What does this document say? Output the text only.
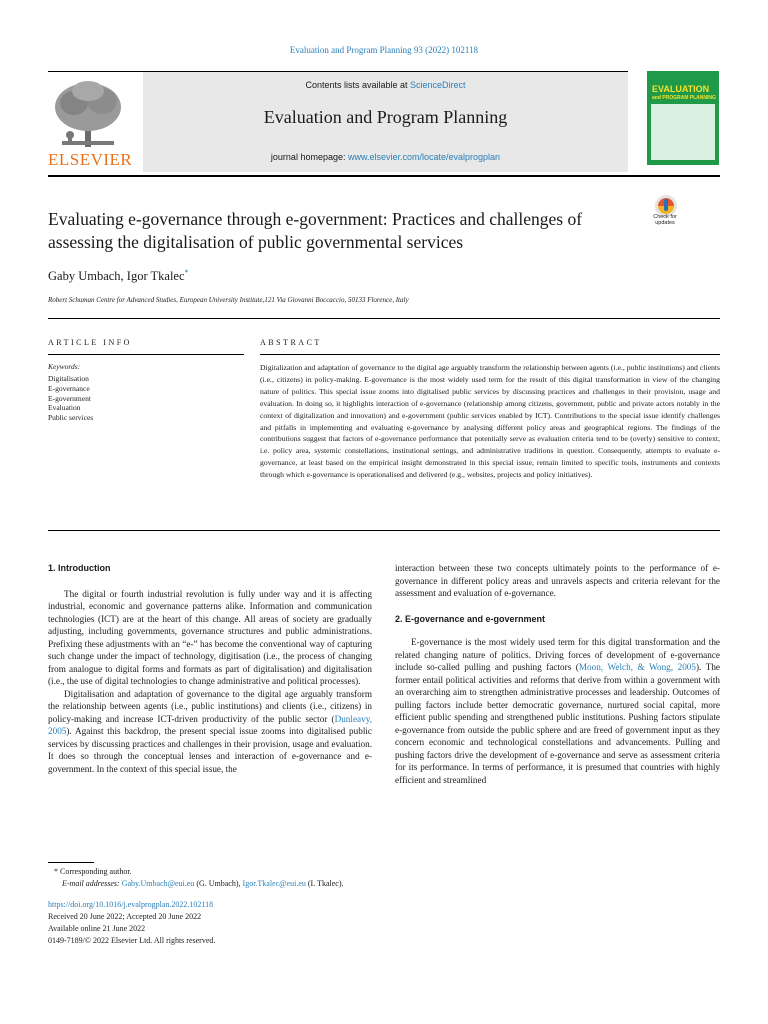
Evaluation and Program Planning 93 (2022) 102118
ELSEVIER
Contents lists available at ScienceDirect
Evaluation and Program Planning
journal homepage: www.elsevier.com/locate/evalprogplan
EVALUATION
and PROGRAM PLANNING
Evaluating e-governance through e-government: Practices and challenges of assessing the digitalisation of public governmental services
Check for updates
Gaby Umbach, Igor Tkalec*
Robert Schuman Centre for Advanced Studies, European University Institute,121 Via Giovanni Boccaccio, 50133 Florence, Italy
ARTICLE INFO
Keywords:
Digitalisation
E-governance
E-government
Evaluation
Public services
ABSTRACT
Digitalization and adaptation of governance to the digital age arguably transform the relationship between agents (i.e., public institutions) and clients (i.e., citizens) in policy-making. E-governance is the most widely used term for the result of this digital transformation in view of the changing nature of politics. This special issue zooms into digitalised public services by discussing practices and challenges in their provision, usage and evaluation. In doing so, it highlights interaction of e-governance (relationship among citizens, government, public and private actors notably in the context of digitalization and innovation) and e-government (public services enabled by ICT). Contributions to the special issue identify challenges and pitfalls in implementing and evaluating e-governance by analysing different policy areas and geographical regions. The findings of the contributions suggest that factors of e-governance performance that potentially serve as evaluation criteria tend to be (overly) sensitive to context, i.e. policy area, systemic constellations, institutional settings, and administrative traditions in question. Consequently, attempts to evaluate e-governance, at least based on the empirical insight demonstrated in this special issue, remain limited to specific tools, instruments and contexts through which e-governance is operationalised and delivered (e.g., websites, projects and policy initiatives).

1. Introduction

The digital or fourth industrial revolution is fully under way and it is affecting industrial, economic and governance patterns alike. Information and communication technologies (ICT) are at the heart of this change. All areas of society are gradually adjusting, including governments, governance structures and public administrations. Prefixing these adjustments with an “e-” has become the conventional way of capturing such change under the impact of technology, digitisation (i.e., the process of changing from analogue to digital forms and formats as part of digitalisation) and digitalisation (i.e., the use of digital technologies to change administrative and political processes).

Digitalisation and adaptation of governance to the digital age arguably transform the relationship between agents (i.e., public institutions) and clients (i.e., citizens) in policy-making and increase ICT-driven productivity of the public sector (Dunleavy, 2005). Against this backdrop, the present special issue zooms into digitalised public services by discussing practices and challenges in their provision, usage and evaluation. It does so through the conceptual lenses and interaction of e-governance and e-government. In the context of this special issue, the

interaction between these two concepts ultimately points to the performance of e-governance in different policy areas and unravels aspects and criteria relevant for the assessment and evaluation of e-governance.

2. E-governance and e-government

E-governance is the most widely used term for this digital transformation and the related changing nature of politics. Driving forces of development of e-governance include so-called pulling and pushing factors (Moon, Welch, & Wong, 2005). The former entail political activities and reforms that derive from within a government with an overarching aim to strengthen administrative processes and leadership. Outcomes of pulling factors include better democratic governance, nurtured social capital, more efficient public spending and strengthened public institutions. Pushing factors stipulate e-governance from outside the public sphere and are freed of government input as they concern economic and technological constellations and advancements. Pulling and pushing factors drive the development of e-governance and serve as assessment criteria for its performance. In terms of performance, it is presumed that countries with highly efficient and streamlined

* Corresponding author.
E-mail addresses: Gaby.Umbach@eui.eu (G. Umbach), Igor.Tkalec@eui.eu (I. Tkalec).
https://doi.org/10.1016/j.evalprogplan.2022.102118
Received 20 June 2022; Accepted 20 June 2022
Available online 21 June 2022
0149-7189/© 2022 Elsevier Ltd. All rights reserved.
